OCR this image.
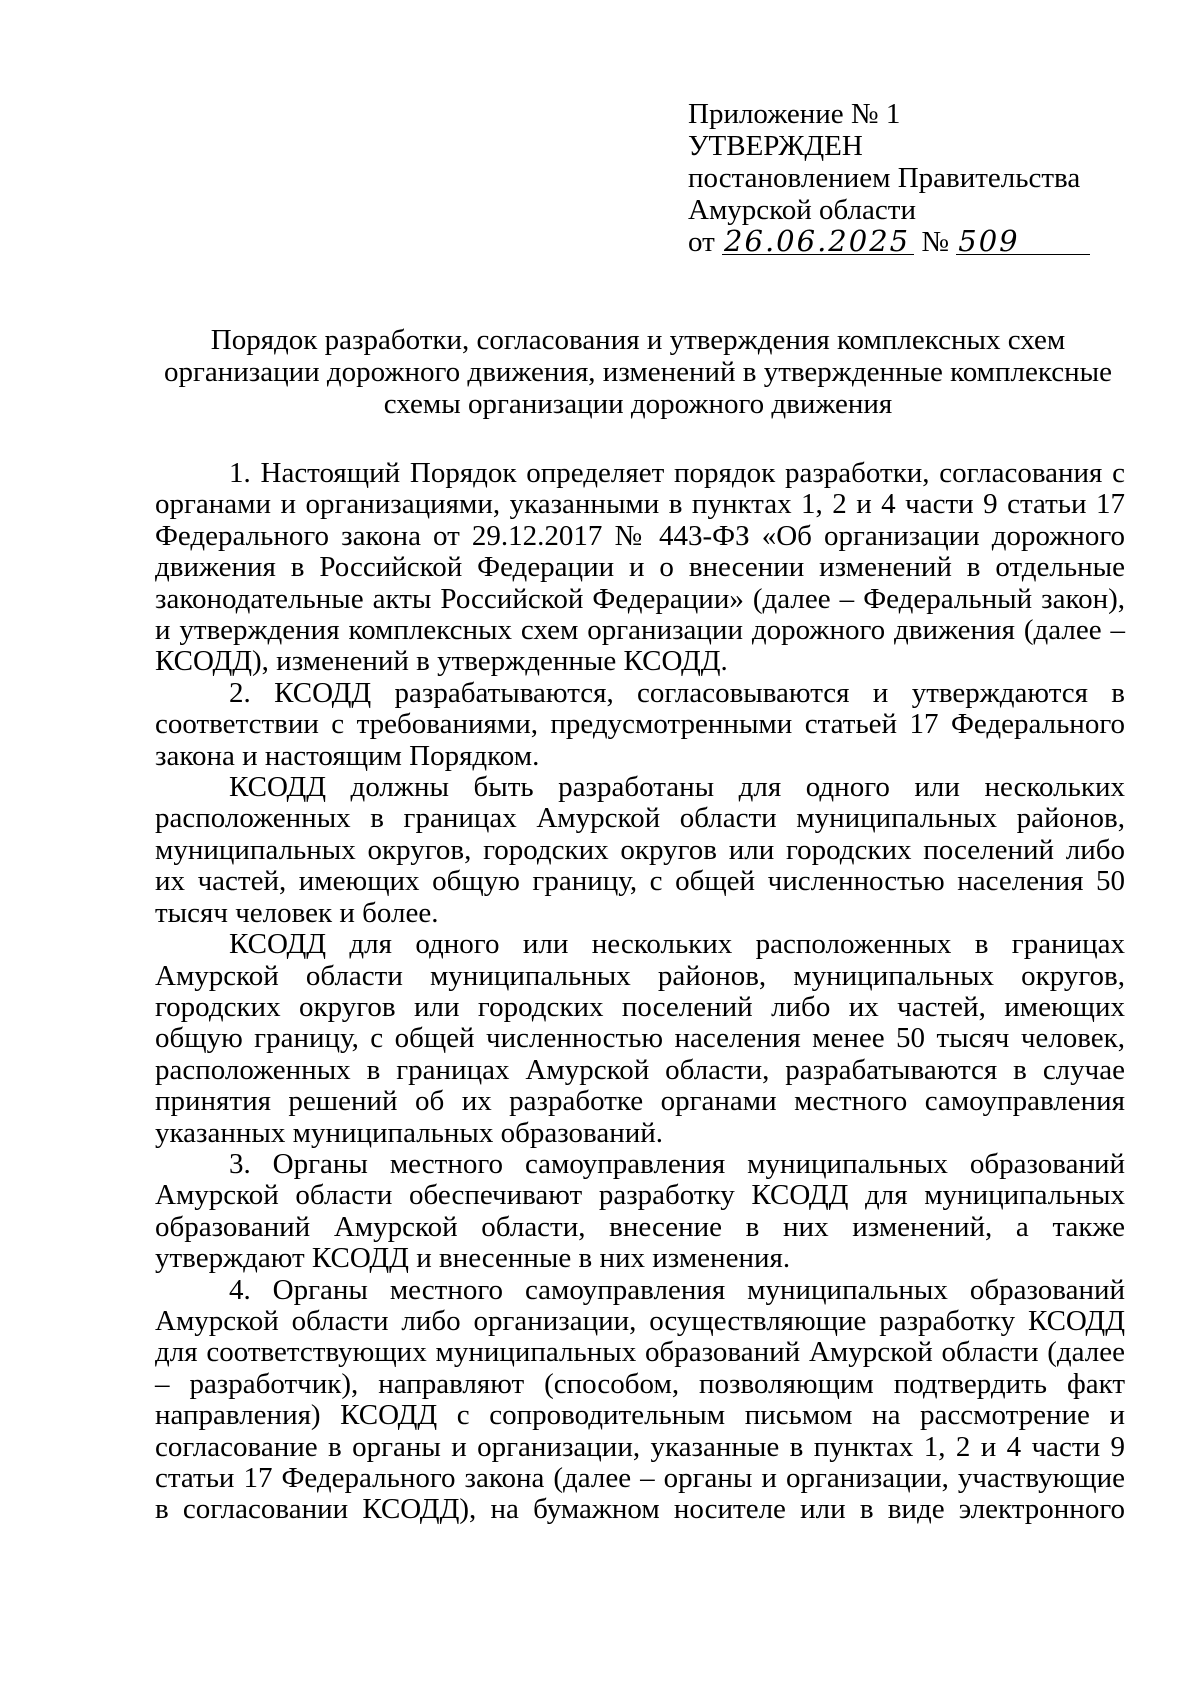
Приложение № 1
УТВЕРЖДЕН
постановлением Правительства
Амурской области
от 26.06.2025 № 509
Порядок разработки, согласования и утверждения комплексных схем организации дорожного движения, изменений в утвержденные комплексные схемы организации дорожного движения

1. Настоящий Порядок определяет порядок разработки, согласования с органами и организациями, указанными в пунктах 1, 2 и 4 части 9 статьи 17 Федерального закона от 29.12.2017 № 443-ФЗ «Об организации дорожного движения в Российской Федерации и о внесении изменений в отдельные законодательные акты Российской Федерации» (далее – Федеральный закон), и утверждения комплексных схем организации дорожного движения (далее – КСОДД), изменений в утвержденные КСОДД.

2. КСОДД разрабатываются, согласовываются и утверждаются в соответствии с требованиями, предусмотренными статьей 17 Федерального закона и настоящим Порядком.

КСОДД должны быть разработаны для одного или нескольких расположенных в границах Амурской области муниципальных районов, муниципальных округов, городских округов или городских поселений либо их частей, имеющих общую границу, с общей численностью населения 50 тысяч человек и более.

КСОДД для одного или нескольких расположенных в границах Амурской области муниципальных районов, муниципальных округов, городских округов или городских поселений либо их частей, имеющих общую границу, с общей численностью населения менее 50 тысяч человек, расположенных в границах Амурской области, разрабатываются в случае принятия решений об их разработке органами местного самоуправления указанных муниципальных образований.

3. Органы местного самоуправления муниципальных образований Амурской области обеспечивают разработку КСОДД для муниципальных образований Амурской области, внесение в них изменений, а также утверждают КСОДД и внесенные в них изменения.

4. Органы местного самоуправления муниципальных образований Амурской области либо организации, осуществляющие разработку КСОДД для соответствующих муниципальных образований Амурской области (далее – разработчик), направляют (способом, позволяющим подтвердить факт направления) КСОДД с сопроводительным письмом на рассмотрение и согласование в органы и организации, указанные в пунктах 1, 2 и 4 части 9 статьи 17 Федерального закона (далее – органы и организации, участвующие в согласовании КСОДД), на бумажном носителе или в виде электронного
